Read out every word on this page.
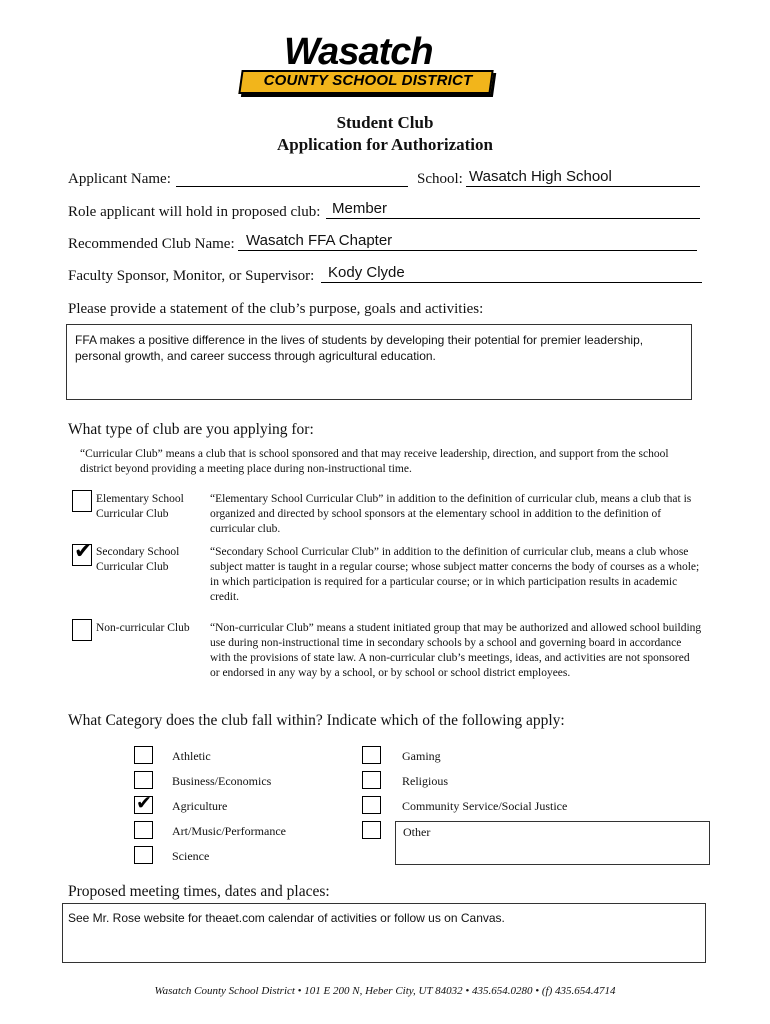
Wasatch
COUNTY SCHOOL DISTRICT
Student Club
Application for Authorization
Applicant Name:	School: Wasatch High School
Role applicant will hold in proposed club: Member
Recommended Club Name: Wasatch FFA Chapter
Faculty Sponsor, Monitor, or Supervisor: Kody Clyde
Please provide a statement of the club’s purpose, goals and activities:
FFA makes a positive difference in the lives of students by developing their potential for premier leadership, personal growth, and career success through agricultural education.
What type of club are you applying for:
“Curricular Club” means a club that is school sponsored and that may receive leadership, direction, and support from the school district beyond providing a meeting place during non-instructional time.
Elementary School Curricular Club
“Elementary School Curricular Club” in addition to the definition of curricular club, means a club that is organized and directed by school sponsors at the elementary school in addition to the definition of curricular club.
✔ Secondary School Curricular Club
“Secondary School Curricular Club” in addition to the definition of curricular club, means a club whose subject matter is taught in a regular course; whose subject matter concerns the body of courses as a whole; in which participation is required for a particular course; or in which participation results in academic credit.
Non-curricular Club	“Non-curricular Club” means a student initiated group that may be authorized and allowed school building use during non-instructional time in secondary schools by a school and governing board in accordance with the provisions of state law. A non-curricular club’s meetings, ideas, and activities are not sponsored or endorsed in any way by a school, or by school or school district employees.
What Category does the club fall within? Indicate which of the following apply:
Athletic
Business/Economics
✔ Agriculture
Art/Music/Performance
Science
Gaming
Religious
Community Service/Social Justice
Other
Proposed meeting times, dates and places:
See Mr. Rose website for theaet.com calendar of activities or follow us on Canvas.
Wasatch County School District • 101 E 200 N, Heber City, UT 84032 • 435.654.0280 • (f) 435.654.4714
